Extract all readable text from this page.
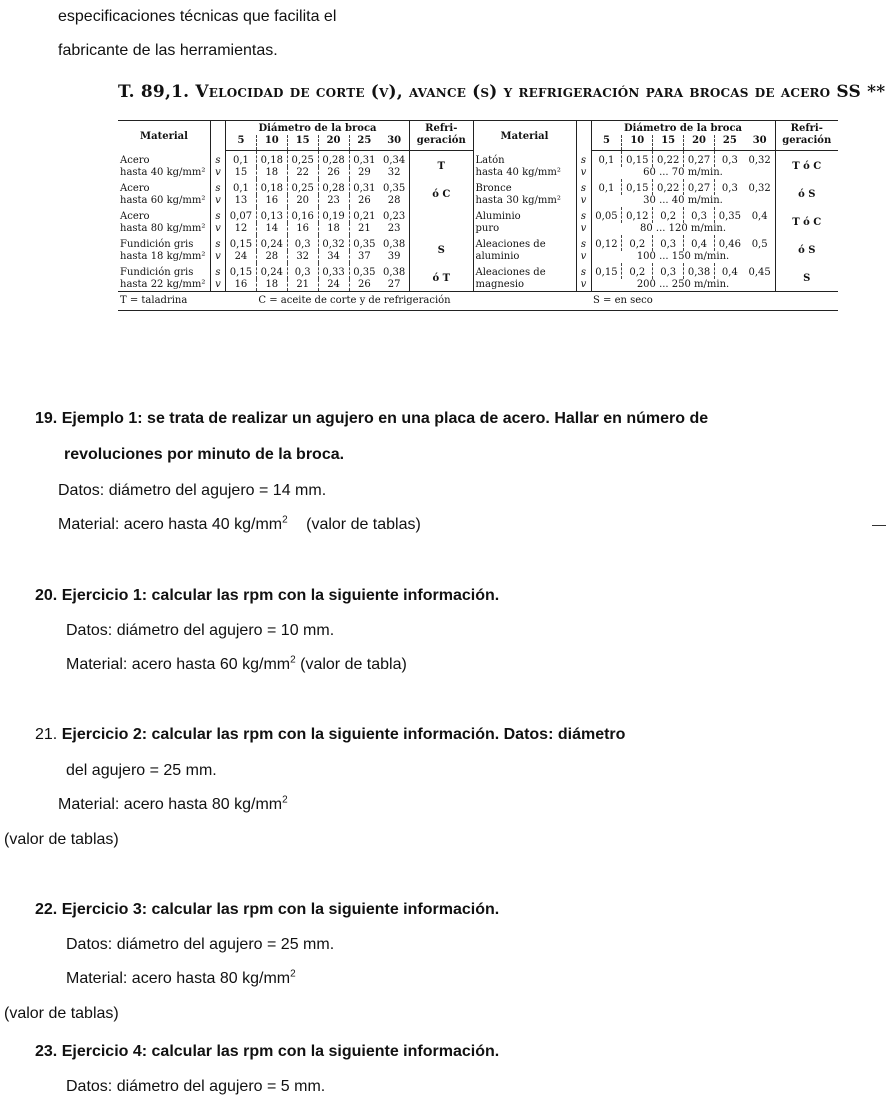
especificaciones técnicas que facilita el
fabricante de las herramientas.
T. 89,1. Velocidad de corte (v), avance (s) y refrigeración para brocas de acero SS **
Material		Diámetro de la broca						Refri-	Material		Diámetro de la broca						Refri-
		5	10	15	20	25	30	geración			5	10	15	20	25	30	geración
Acero	s	0,1	0,18	0,25	0,28	0,31	0,34	T	Latón	s	0,1	0,15	0,22	0,27	0,3	0,32	T ó C
hasta 40 kg/mm²	v	15	18	22	26	29	32		hasta 40 kg/mm²	v	60 ... 70 m/min.						
Acero	s	0,1	0,18	0,25	0,28	0,31	0,35	ó C	Bronce	s	0,1	0,15	0,22	0,27	0,3	0,32	ó S
hasta 60 kg/mm²	v	13	16	20	23	26	28		hasta 30 kg/mm²	v	30 ... 40 m/min.						
Acero	s	0,07	0,13	0,16	0,19	0,21	0,23		Aluminio	s	0,05	0,12	0,2	0,3	0,35	0,4	T ó C
hasta 80 kg/mm²	v	12	14	16	18	21	23		puro	v	80 ... 120 m/min.						
Fundición gris	s	0,15	0,24	0,3	0,32	0,35	0,38	S	Aleaciones de	s	0,12	0,2	0,3	0,4	0,46	0,5	ó S
hasta 18 kg/mm²	v	24	28	32	34	37	39		aluminio	v	100 ... 150 m/min.						
Fundición gris	s	0,15	0,24	0,3	0,33	0,35	0,38	ó T	Aleaciones de	s	0,15	0,2	0,3	0,38	0,4	0,45	S
hasta 22 kg/mm²	v	16	18	21	24	26	27		magnesio	v	200 ... 250 m/min.						
T = taladrina			C = aceite de corte y de refrigeración								S = en seco						
19. Ejemplo 1: se trata de realizar un agujero en una placa de acero. Hallar en número de
revoluciones por minuto de la broca.
Datos: diámetro del agujero = 14 mm.
Material: acero hasta 40 $kg/mm^2$ (valor de tablas)
20. Ejercicio 1: calcular las rpm con la siguiente información.
Datos: diámetro del agujero = 10 mm.
Material: acero hasta 60 $kg/mm^2$ (valor de tabla)
21. Ejercicio 2: calcular las rpm con la siguiente información. Datos: diámetro
del agujero = 25 mm.
Material: acero hasta 80 $kg/mm^2$
(valor de tablas)
22. Ejercicio 3: calcular las rpm con la siguiente información.
Datos: diámetro del agujero = 25 mm.
Material: acero hasta 80 $kg/mm^2$
(valor de tablas)
23. Ejercicio 4: calcular las rpm con la siguiente información.
Datos: diámetro del agujero = 5 mm.
